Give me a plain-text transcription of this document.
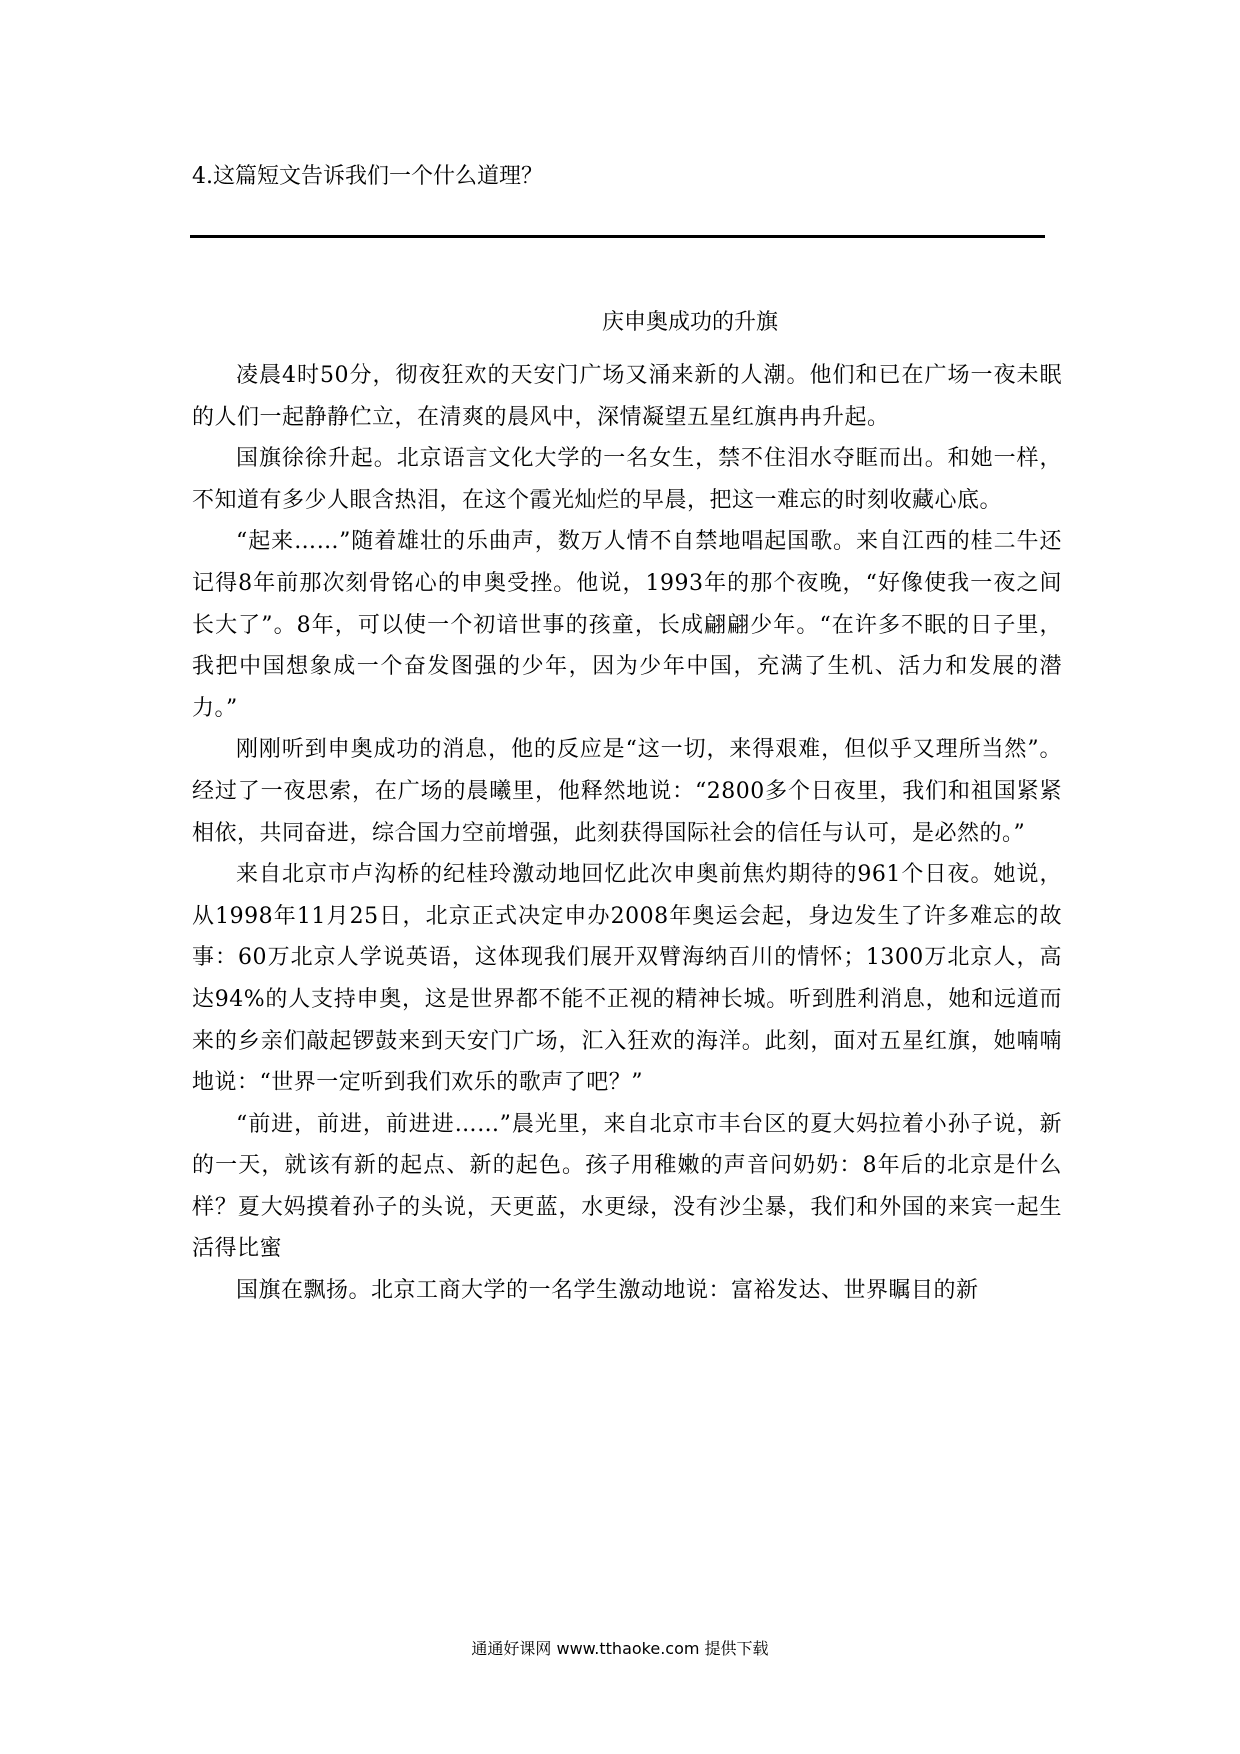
4.这篇短文告诉我们一个什么道理？
庆申奥成功的升旗

凌晨4时50分，彻夜狂欢的天安门广场又涌来新的人潮。他们和已在广场一夜未眠的人们一起静静伫立，在清爽的晨风中，深情凝望五星红旗冉冉升起。

国旗徐徐升起。北京语言文化大学的一名女生，禁不住泪水夺眶而出。和她一样，不知道有多少人眼含热泪，在这个霞光灿烂的早晨，把这一难忘的时刻收藏心底。

“起来……”随着雄壮的乐曲声，数万人情不自禁地唱起国歌。来自江西的桂二牛还记得8年前那次刻骨铭心的申奥受挫。他说，1993年的那个夜晚，“好像使我一夜之间长大了”。8年，可以使一个初谙世事的孩童，长成翩翩少年。“在许多不眠的日子里，我把中国想象成一个奋发图强的少年，因为少年中国，充满了生机、活力和发展的潜力。”

刚刚听到申奥成功的消息，他的反应是“这一切，来得艰难，但似乎又理所当然”。经过了一夜思索，在广场的晨曦里，他释然地说：“2800多个日夜里，我们和祖国紧紧相依，共同奋进，综合国力空前增强，此刻获得国际社会的信任与认可，是必然的。”

来自北京市卢沟桥的纪桂玲激动地回忆此次申奥前焦灼期待的961个日夜。她说，从1998年11月25日，北京正式决定申办2008年奥运会起，身边发生了许多难忘的故事：60万北京人学说英语，这体现我们展开双臂海纳百川的情怀；1300万北京人，高达94%的人支持申奥，这是世界都不能不正视的精神长城。听到胜利消息，她和远道而来的乡亲们敲起锣鼓来到天安门广场，汇入狂欢的海洋。此刻，面对五星红旗，她喃喃地说：“世界一定听到我们欢乐的歌声了吧？”

“前进，前进，前进进……”晨光里，来自北京市丰台区的夏大妈拉着小孙子说，新的一天，就该有新的起点、新的起色。孩子用稚嫩的声音问奶奶：8年后的北京是什么样？夏大妈摸着孙子的头说，天更蓝，水更绿，没有沙尘暴，我们和外国的来宾一起生活得比蜜

国旗在飘扬。北京工商大学的一名学生激动地说：富裕发达、世界瞩目的新

通通好课网 www.tthaoke.com 提供下载
